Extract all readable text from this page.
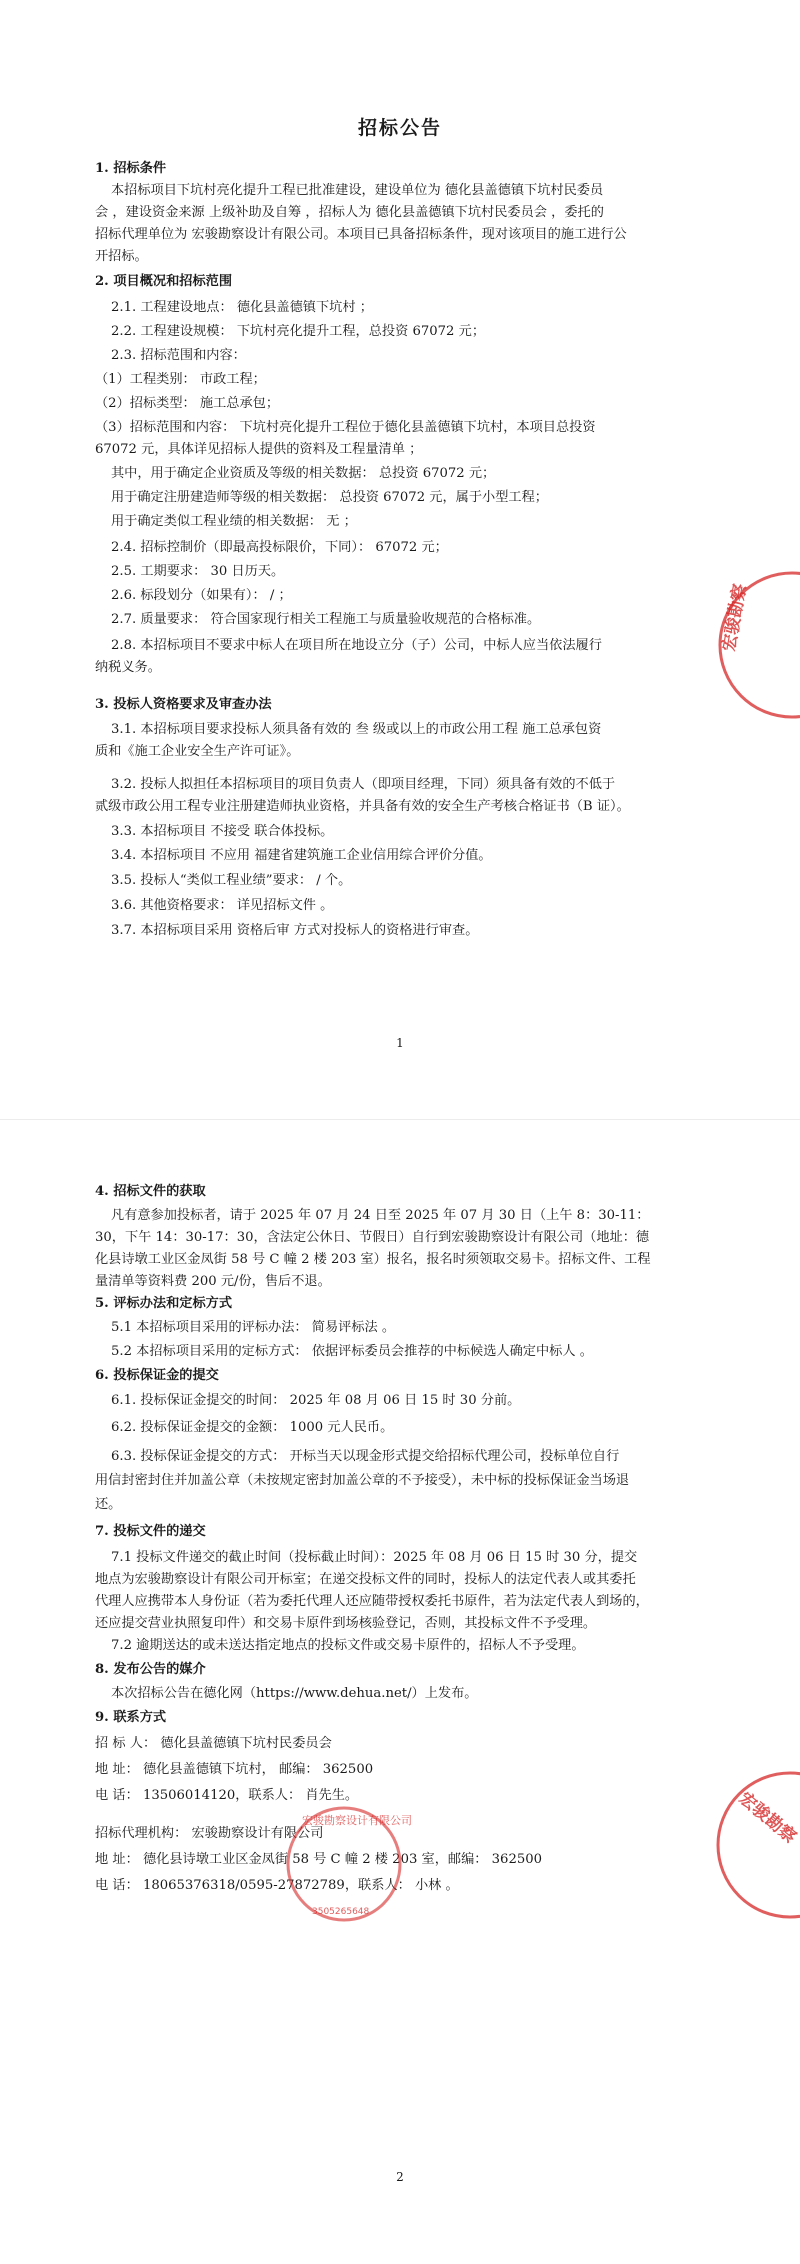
招标公告
1. 招标条件
本招标项目下坑村亮化提升工程已批准建设，建设单位为 德化县盖德镇下坑村民委员
会 ，建设资金来源 上级补助及自筹 ，招标人为 德化县盖德镇下坑村民委员会 ，委托的
招标代理单位为 宏骏勘察设计有限公司。本项目已具备招标条件，现对该项目的施工进行公
开招标。
2. 项目概况和招标范围
2.1. 工程建设地点： 德化县盖德镇下坑村 ；
2.2. 工程建设规模： 下坑村亮化提升工程，总投资 67072 元；
2.3. 招标范围和内容：
（1）工程类别： 市政工程；
（2）招标类型： 施工总承包；
（3）招标范围和内容： 下坑村亮化提升工程位于德化县盖德镇下坑村，本项目总投资
67072 元，具体详见招标人提供的资料及工程量清单 ；
其中，用于确定企业资质及等级的相关数据： 总投资 67072 元；
用于确定注册建造师等级的相关数据： 总投资 67072 元，属于小型工程；
用于确定类似工程业绩的相关数据： 无 ；
2.4. 招标控制价（即最高投标限价，下同）： 67072 元；
2.5. 工期要求： 30 日历天。
2.6. 标段划分（如果有）： / ；
2.7. 质量要求： 符合国家现行相关工程施工与质量验收规范的合格标准。
2.8. 本招标项目不要求中标人在项目所在地设立分（子）公司，中标人应当依法履行
纳税义务。
3. 投标人资格要求及审查办法
3.1. 本招标项目要求投标人须具备有效的 叁 级或以上的市政公用工程 施工总承包资
质和《施工企业安全生产许可证》。
3.2. 投标人拟担任本招标项目的项目负责人（即项目经理，下同）须具备有效的不低于
贰级市政公用工程专业注册建造师执业资格，并具备有效的安全生产考核合格证书（B 证）。
3.3. 本招标项目 不接受 联合体投标。
3.4. 本招标项目 不应用 福建省建筑施工企业信用综合评价分值。
3.5. 投标人“类似工程业绩”要求： / 个。
3.6. 其他资格要求： 详见招标文件 。
3.7. 本招标项目采用 资格后审 方式对投标人的资格进行审查。
1
宏骏勘察
4. 招标文件的获取
凡有意参加投标者，请于 2025 年 07 月 24 日至 2025 年 07 月 30 日（上午 8：30-11：
30，下午 14：30-17：30，含法定公休日、节假日）自行到宏骏勘察设计有限公司（地址：德
化县诗墩工业区金凤街 58 号 C 幢 2 楼 203 室）报名，报名时须领取交易卡。招标文件、工程
量清单等资料费 200 元/份，售后不退。
5. 评标办法和定标方式
5.1 本招标项目采用的评标办法： 简易评标法 。
5.2 本招标项目采用的定标方式： 依据评标委员会推荐的中标候选人确定中标人 。
6. 投标保证金的提交
6.1. 投标保证金提交的时间： 2025 年 08 月 06 日 15 时 30 分前。
6.2. 投标保证金提交的金额： 1000 元人民币。
6.3. 投标保证金提交的方式： 开标当天以现金形式提交给招标代理公司，投标单位自行
用信封密封住并加盖公章（未按规定密封加盖公章的不予接受），未中标的投标保证金当场退
还。
7. 投标文件的递交
7.1 投标文件递交的截止时间（投标截止时间）：2025 年 08 月 06 日 15 时 30 分，提交
地点为宏骏勘察设计有限公司开标室；在递交投标文件的同时，投标人的法定代表人或其委托
代理人应携带本人身份证（若为委托代理人还应随带授权委托书原件，若为法定代表人到场的，
还应提交营业执照复印件）和交易卡原件到场核验登记，否则，其投标文件不予受理。
7.2 逾期送达的或未送达指定地点的投标文件或交易卡原件的，招标人不予受理。
8. 发布公告的媒介
本次招标公告在德化网（https://www.dehua.net/）上发布。
9. 联系方式
招 标 人： 德化县盖德镇下坑村民委员会
地 址： 德化县盖德镇下坑村， 邮编： 362500
电 话： 13506014120，联系人： 肖先生。
招标代理机构： 宏骏勘察设计有限公司
地 址： 德化县诗墩工业区金凤街 58 号 C 幢 2 楼 203 室，邮编： 362500
电 话： 18065376318/0595-27872789，联系人： 小林 。
2
宏骏勘察
宏骏勘察设计有限公司
3505265648
